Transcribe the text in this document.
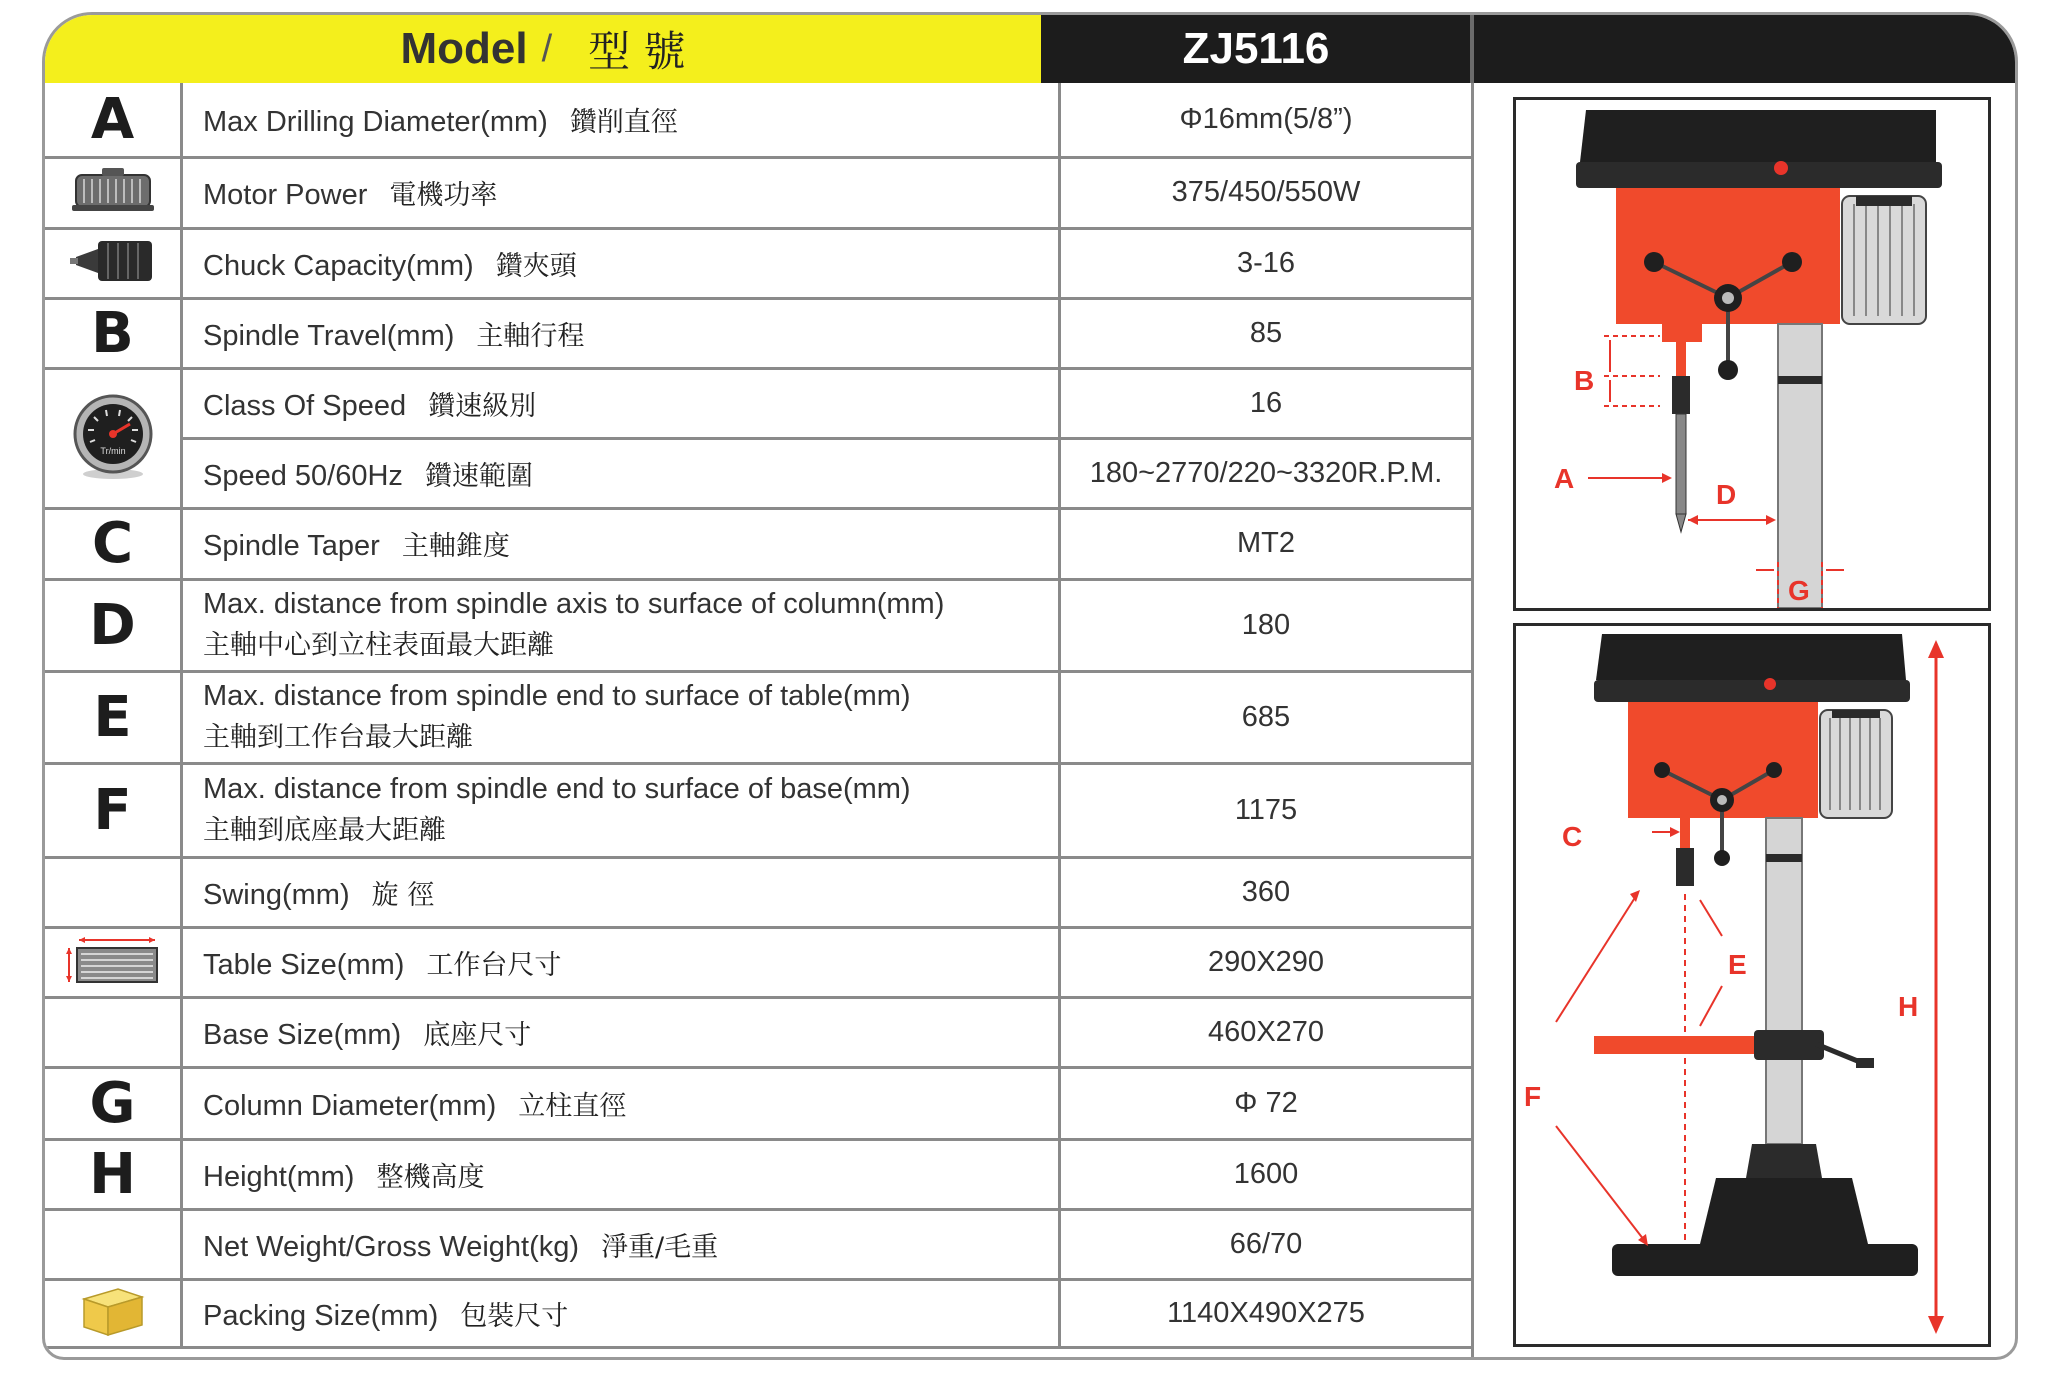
Model / 型 號	ZJ5116
A	Max Drilling Diameter(mm) 鑽削直徑	Φ16mm(5/8”)
	Motor Power 電機功率	375/450/550W
	Chuck Capacity(mm) 鑽夾頭	3-16
B	Spindle Travel(mm) 主軸行程	85

Tr/min	Class Of Speed 鑽速級別	16
	Speed 50/60Hz 鑽速範圍	180~2770/220~3320R.P.M.
C	Spindle Taper 主軸錐度	MT2
D	Max. distance from spindle axis to surface of column(mm)
主軸中心到立柱表面最大距離	180
E	Max. distance from spindle end to surface of table(mm)
主軸到工作台最大距離	685
F	Max. distance from spindle end to surface of base(mm)
主軸到底座最大距離	1175
	Swing(mm) 旋 徑	360
	Table Size(mm) 工作台尺寸	290X290
	Base Size(mm) 底座尺寸	460X270
G	Column Diameter(mm) 立柱直徑	Φ 72
H	Height(mm) 整機高度	1600
	Net Weight/Gross Weight(kg) 淨重/毛重	66/70
	Packing Size(mm) 包裝尺寸	1140X490X275
B
A
D
G
C
E
F
H
